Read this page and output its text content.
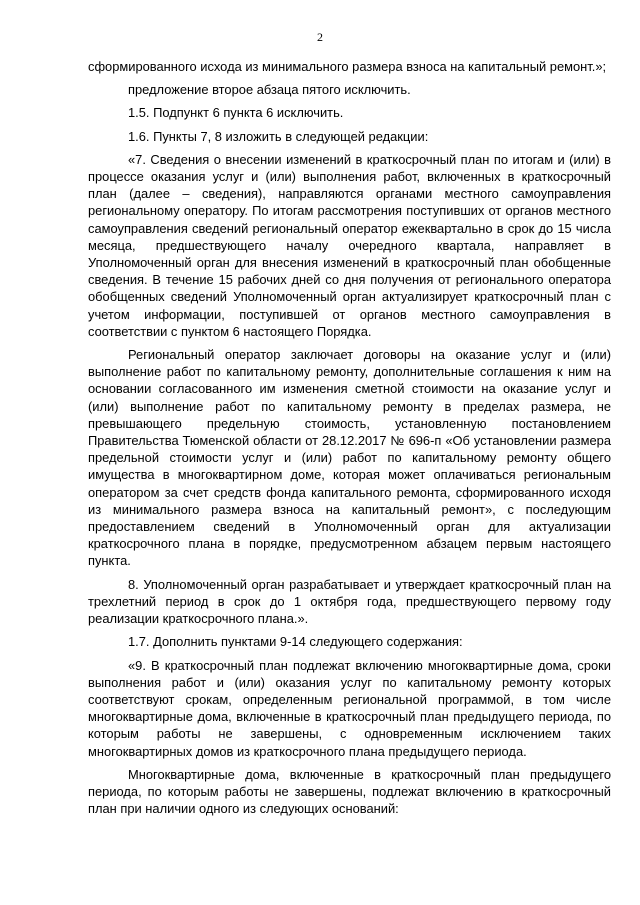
2

сформированного исхода из минимального размера взноса на капитальный ремонт.»;

предложение второе абзаца пятого исключить.

1.5. Подпункт 6 пункта 6 исключить.

1.6. Пункты 7, 8 изложить в следующей редакции:

«7. Сведения о внесении изменений в краткосрочный план по итогам и (или) в процессе оказания услуг и (или) выполнения работ, включенных в краткосрочный план (далее – сведения), направляются органами местного самоуправления региональному оператору. По итогам рассмотрения поступивших от органов местного самоуправления сведений региональный оператор ежеквартально в срок до 15 числа месяца, предшествующего началу очередного квартала, направляет в Уполномоченный орган для внесения изменений в краткосрочный план обобщенные сведения. В течение 15 рабочих дней со дня получения от регионального оператора обобщенных сведений Уполномоченный орган актуализирует краткосрочный план с учетом информации, поступившей от органов местного самоуправления в соответствии с пунктом 6 настоящего Порядка.

Региональный оператор заключает договоры на оказание услуг и (или) выполнение работ по капитальному ремонту, дополнительные соглашения к ним на основании согласованного им изменения сметной стоимости на оказание услуг и (или) выполнение работ по капитальному ремонту в пределах размера, не превышающего предельную стоимость, установленную постановлением Правительства Тюменской области от 28.12.2017 № 696-п «Об установлении размера предельной стоимости услуг и (или) работ по капитальному ремонту общего имущества в многоквартирном доме, которая может оплачиваться региональным оператором за счет средств фонда капитального ремонта, сформированного исходя из минимального размера взноса на капитальный ремонт», с последующим предоставлением сведений в Уполномоченный орган для актуализации краткосрочного плана в порядке, предусмотренном абзацем первым настоящего пункта.

8. Уполномоченный орган разрабатывает и утверждает краткосрочный план на трехлетний период в срок до 1 октября года, предшествующего первому году реализации краткосрочного плана.».

1.7. Дополнить пунктами 9-14 следующего содержания:

«9. В краткосрочный план подлежат включению многоквартирные дома, сроки выполнения работ и (или) оказания услуг по капитальному ремонту которых соответствуют срокам, определенным региональной программой, в том числе многоквартирные дома, включенные в краткосрочный план предыдущего периода, по которым работы не завершены, с одновременным исключением таких многоквартирных домов из краткосрочного плана предыдущего периода.

Многоквартирные дома, включенные в краткосрочный план предыдущего периода, по которым работы не завершены, подлежат включению в краткосрочный план при наличии одного из следующих оснований:
